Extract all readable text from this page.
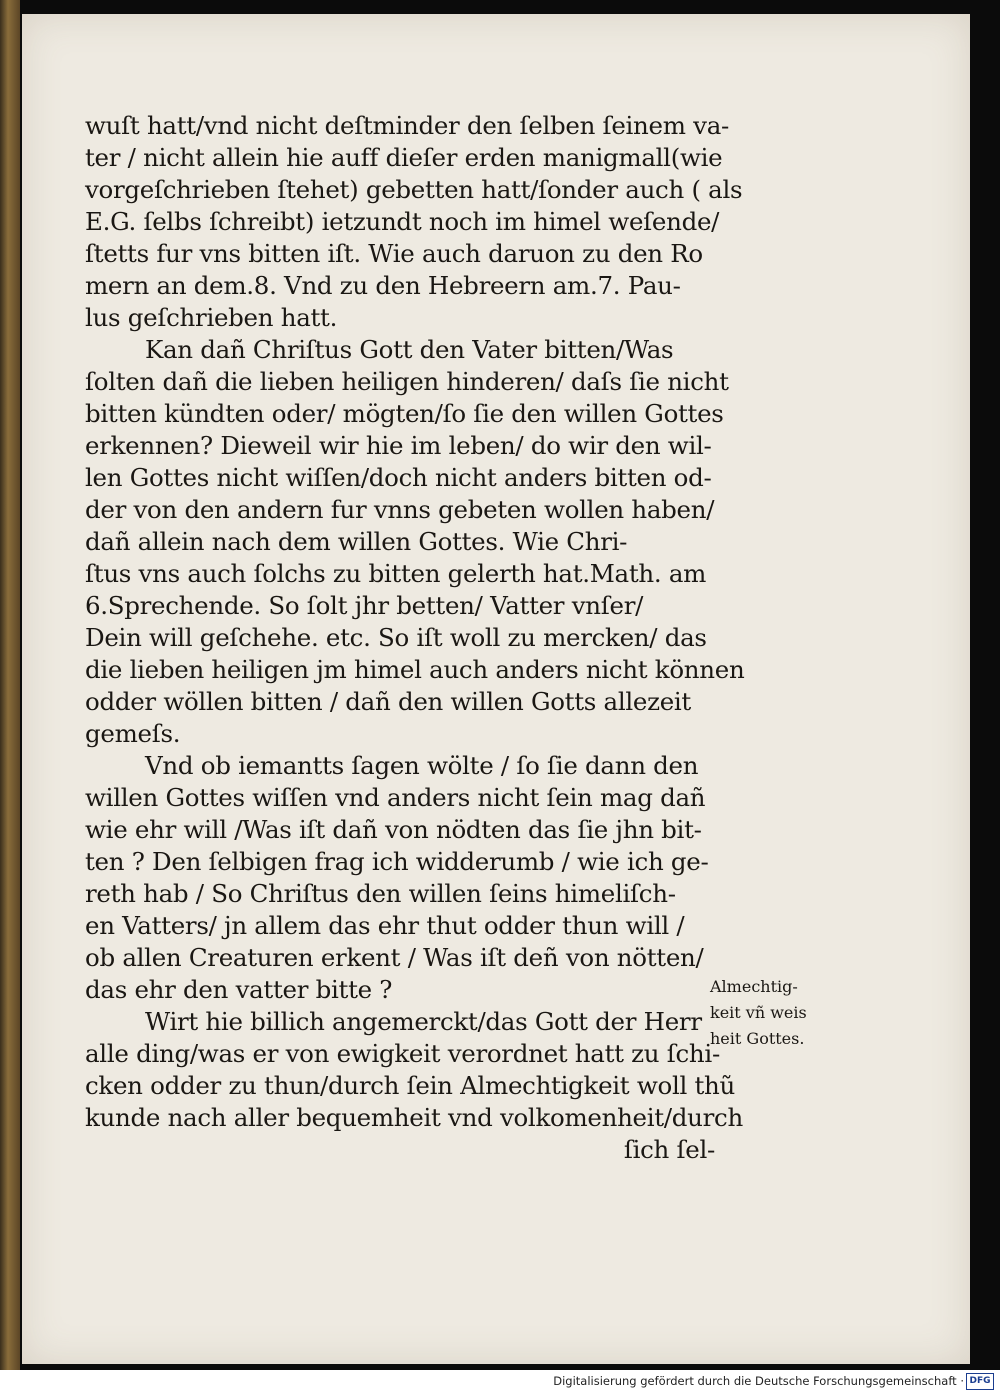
wuſt hatt/vnd nicht deſtminder den ſelben ſeinem va-
ter / nicht allein hie auff dieſer erden manigmall(wie
vorgeſchrieben ſtehet) gebetten hatt/ſonder auch ( als
E.G. ſelbs ſchreibt) ietzundt noch im himel weſende/
ſtetts fur vns bitten iſt. Wie auch daruon zu den Ro
mern an dem.8. Vnd zu den Hebreern am.7. Pau-
lus geſchrieben hatt.
Kan dañ Chriſtus Gott den Vater bitten/Was
ſolten dañ die lieben heiligen hinderen/ daſs ſie nicht
bitten kündten oder/ mögten/ſo ſie den willen Gottes
erkennen? Dieweil wir hie im leben/ do wir den wil-
len Gottes nicht wiſſen/doch nicht anders bitten od-
der von den andern fur vnns gebeten wollen haben/
dañ allein nach dem willen Gottes. Wie Chri-
ſtus vns auch ſolchs zu bitten gelerth hat.Math. am
6.Sprechende. So ſolt jhr betten/ Vatter vnſer/
Dein will geſchehe. etc. So iſt woll zu mercken/ das
die lieben heiligen jm himel auch anders nicht können
odder wöllen bitten / dañ den willen Gotts allezeit
gemeſs.
Vnd ob iemantts ſagen wölte / ſo ſie dann den
willen Gottes wiſſen vnd anders nicht ſein mag dañ
wie ehr will /Was iſt dañ von nödten das ſie jhn bit-
ten ? Den ſelbigen frag ich widderumb / wie ich ge-
reth hab / So Chriſtus den willen ſeins himeliſch-
en Vatters/ jn allem das ehr thut odder thun will /
ob allen Creaturen erkent / Was iſt deñ von nötten/
das ehr den vatter bitte ?
Wirt hie billich angemerckt/das Gott der Herr
alle ding/was er von ewigkeit verordnet hatt zu ſchi-
cken odder zu thun/durch ſein Almechtigkeit woll thũ
kunde nach aller bequemheit vnd volkomenheit/durch
ſich ſel-
Almechtig-
keit vñ weis
heit Gottes.
Digitalisierung gefördert durch die Deutsche Forschungsgemeinschaft · DFG
